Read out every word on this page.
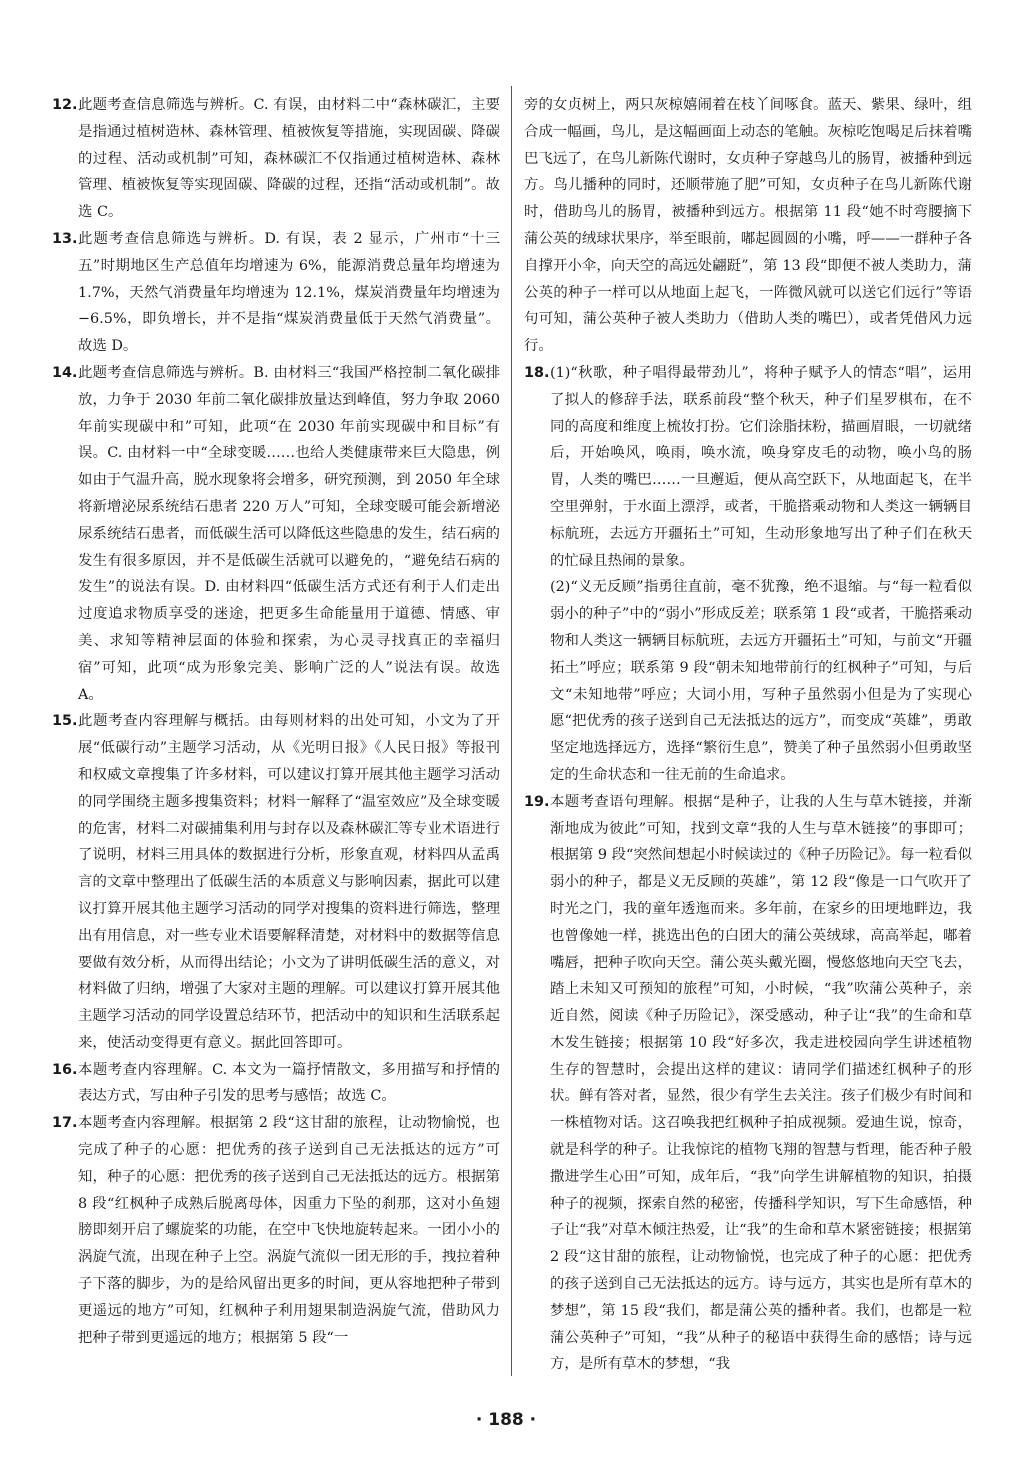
12. 此题考查信息筛选与辨析。C. 有误，由材料二中“森林碳汇，主要是指通过植树造林、森林管理、植被恢复等措施，实现固碳、降碳的过程、活动或机制”可知，森林碳汇不仅指通过植树造林、森林管理、植被恢复等实现固碳、降碳的过程，还指“活动或机制”。故选 C。
13. 此题考查信息筛选与辨析。D. 有误，表 2 显示，广州市“十三五”时期地区生产总值年均增速为 6%，能源消费总量年均增速为 1.7%，天然气消费量年均增速为 12.1%，煤炭消费量年均增速为 −6.5%，即负增长，并不是指“煤炭消费量低于天然气消费量”。故选 D。
14. 此题考查信息筛选与辨析。B. 由材料三“我国严格控制二氧化碳排放，力争于 2030 年前二氧化碳排放量达到峰值，努力争取 2060 年前实现碳中和”可知，此项“在 2030 年前实现碳中和目标”有误。C. 由材料一中“全球变暖……也给人类健康带来巨大隐患，例如由于气温升高，脱水现象将会增多，研究预测，到 2050 年全球将新增泌尿系统结石患者 220 万人”可知，全球变暖可能会新增泌尿系统结石患者，而低碳生活可以降低这些隐患的发生，结石病的发生有很多原因，并不是低碳生活就可以避免的，“避免结石病的发生”的说法有误。D. 由材料四“低碳生活方式还有利于人们走出过度追求物质享受的迷途，把更多生命能量用于道德、情感、审美、求知等精神层面的体验和探索，为心灵寻找真正的幸福归宿”可知，此项“成为形象完美、影响广泛的人”说法有误。故选 A。
15. 此题考查内容理解与概括。由每则材料的出处可知，小文为了开展“低碳行动”主题学习活动，从《光明日报》《人民日报》等报刊和权威文章搜集了许多材料，可以建议打算开展其他主题学习活动的同学围绕主题多搜集资料；材料一解释了“温室效应”及全球变暖的危害，材料二对碳捕集利用与封存以及森林碳汇等专业术语进行了说明，材料三用具体的数据进行分析，形象直观，材料四从孟禹言的文章中整理出了低碳生活的本质意义与影响因素，据此可以建议打算开展其他主题学习活动的同学对搜集的资料进行筛选，整理出有用信息，对一些专业术语要解释清楚，对材料中的数据等信息要做有效分析，从而得出结论；小文为了讲明低碳生活的意义，对材料做了归纳，增强了大家对主题的理解。可以建议打算开展其他主题学习活动的同学设置总结环节，把活动中的知识和生活联系起来，使活动变得更有意义。据此回答即可。
16. 本题考查内容理解。C. 本文为一篇抒情散文，多用描写和抒情的表达方式，写由种子引发的思考与感悟；故选 C。
17. 本题考查内容理解。根据第 2 段“这甘甜的旅程，让动物愉悦，也完成了种子的心愿：把优秀的孩子送到自己无法抵达的远方”可知，种子的心愿：把优秀的孩子送到自己无法抵达的远方。根据第 8 段“红枫种子成熟后脱离母体，因重力下坠的刹那，这对小鱼翅膀即刻开启了螺旋桨的功能，在空中飞快地旋转起来。一团小小的涡旋气流，出现在种子上空。涡旋气流似一团无形的手，拽拉着种子下落的脚步，为的是给风留出更多的时间，更从容地把种子带到更遥远的地方”可知，红枫种子利用翅果制造涡旋气流，借助风力把种子带到更遥远的地方；根据第 5 段“一
旁的女贞树上，两只灰椋嬉闹着在枝丫间啄食。蓝天、紫果、绿叶，组合成一幅画，鸟儿，是这幅画面上动态的笔触。灰椋吃饱喝足后抹着嘴巴飞远了，在鸟儿新陈代谢时，女贞种子穿越鸟儿的肠胃，被播种到远方。鸟儿播种的同时，还顺带施了肥”可知，女贞种子在鸟儿新陈代谢时，借助鸟儿的肠胃，被播种到远方。根据第 11 段“她不时弯腰摘下蒲公英的绒球状果序，举至眼前，嘟起圆圆的小嘴，呼——一群种子各自撑开小伞，向天空的高远处翩跹”，第 13 段“即便不被人类助力，蒲公英的种子一样可以从地面上起飞，一阵微风就可以送它们远行”等语句可知，蒲公英种子被人类助力（借助人类的嘴巴），或者凭借风力远行。
18. (1)“秋歌，种子唱得最带劲儿”，将种子赋予人的情态“唱”，运用了拟人的修辞手法，联系前段“整个秋天，种子们星罗棋布，在不同的高度和维度上梳妆打扮。它们涂脂抹粉，描画眉眼，一切就绪后，开始唤风，唤雨，唤水流，唤身穿皮毛的动物，唤小鸟的肠胃，人类的嘴巴……一旦邂逅，便从高空跃下，从地面起飞，在半空里弹射，于水面上漂浮，或者，干脆搭乘动物和人类这一辆辆目标航班，去远方开疆拓土”可知，生动形象地写出了种子们在秋天的忙碌且热闹的景象。
(2)“义无反顾”指勇往直前，毫不犹豫，绝不退缩。与“每一粒看似弱小的种子”中的“弱小”形成反差；联系第 1 段“或者，干脆搭乘动物和人类这一辆辆目标航班，去远方开疆拓土”可知，与前文“开疆拓土”呼应；联系第 9 段“朝未知地带前行的红枫种子”可知，与后文“未知地带”呼应；大词小用，写种子虽然弱小但是为了实现心愿“把优秀的孩子送到自己无法抵达的远方”，而变成“英雄”，勇敢坚定地选择远方，选择“繁衍生息”，赞美了种子虽然弱小但勇敢坚定的生命状态和一往无前的生命追求。
19. 本题考查语句理解。根据“是种子，让我的人生与草木链接，并渐渐地成为彼此”可知，找到文章“我的人生与草木链接”的事即可；根据第 9 段“突然间想起小时候读过的《种子历险记》。每一粒看似弱小的种子，都是义无反顾的英雄”，第 12 段“像是一口气吹开了时光之门，我的童年透迤而来。多年前，在家乡的田埂地畔边，我也曾像她一样，挑选出色的白团大的蒲公英绒球，高高举起，嘟着嘴唇，把种子吹向天空。蒲公英头戴光圈，慢悠悠地向天空飞去，踏上未知又可预知的旅程”可知，小时候，“我”吹蒲公英种子，亲近自然，阅读《种子历险记》，深受感动，种子让“我”的生命和草木发生链接；根据第 10 段“好多次，我走进校园向学生讲述植物生存的智慧时，会提出这样的建议：请同学们描述红枫种子的形状。鲜有答对者，显然，很少有学生去关注。孩子们极少有时间和一株植物对话。这召唤我把红枫种子拍成视频。爱迪生说，惊奇，就是科学的种子。让我惊诧的植物飞翔的智慧与哲理，能否种子般撒进学生心田”可知，成年后，“我”向学生讲解植物的知识，拍摄种子的视频，探索自然的秘密，传播科学知识，写下生命感悟，种子让“我”对草木倾注热爱，让“我”的生命和草木紧密链接；根据第 2 段“这甘甜的旅程，让动物愉悦，也完成了种子的心愿：把优秀的孩子送到自己无法抵达的远方。诗与远方，其实也是所有草木的梦想”，第 15 段“我们，都是蒲公英的播种者。我们，也都是一粒蒲公英种子”可知，“我”从种子的秘语中获得生命的感悟；诗与远方，是所有草木的梦想，“我
· 188 ·
